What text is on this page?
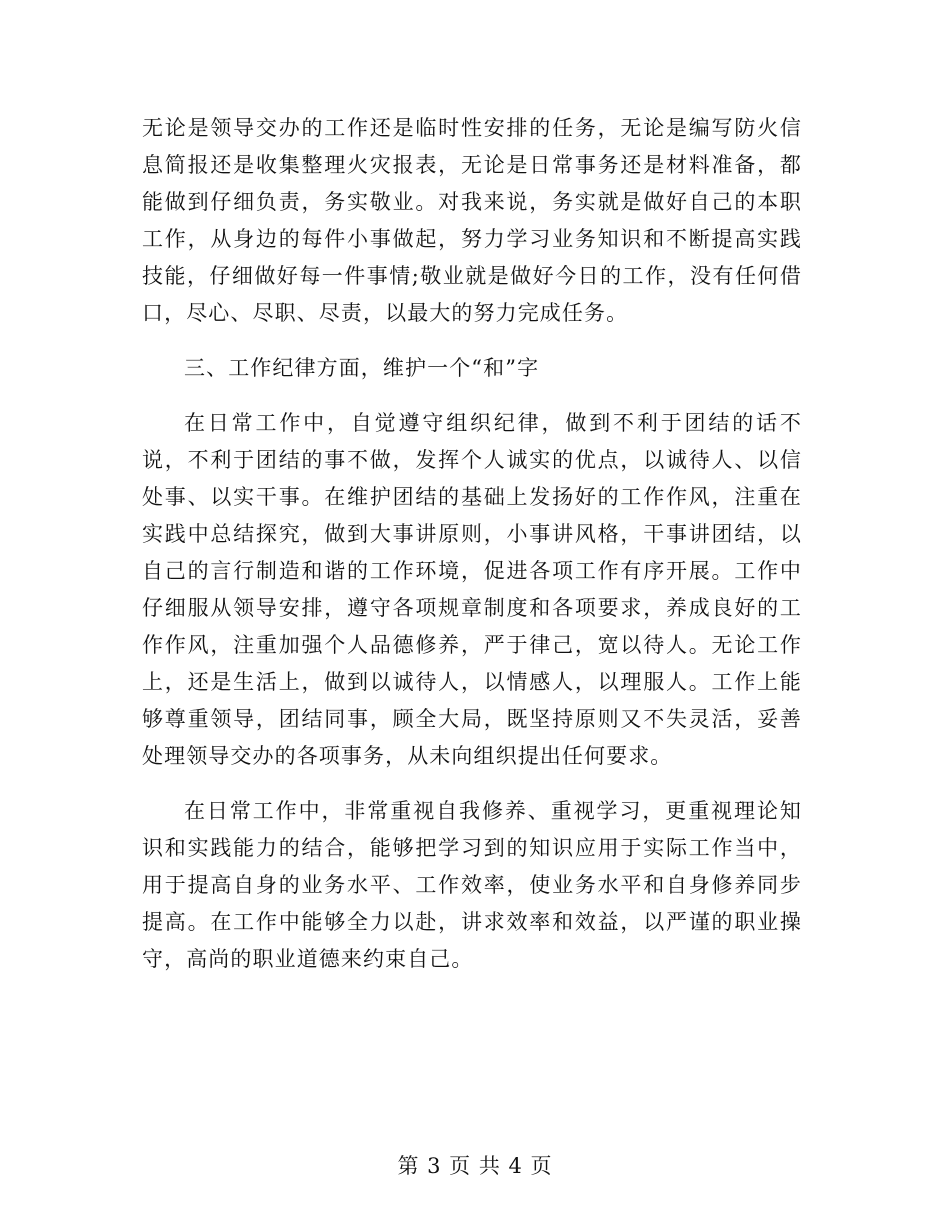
无论是领导交办的工作还是临时性安排的任务，无论是编写防火信息简报还是收集整理火灾报表，无论是日常事务还是材料准备，都能做到仔细负责，务实敬业。对我来说，务实就是做好自己的本职工作，从身边的每件小事做起，努力学习业务知识和不断提高实践技能，仔细做好每一件事情;敬业就是做好今日的工作，没有任何借口，尽心、尽职、尽责，以最大的努力完成任务。

三、工作纪律方面，维护一个“和”字

在日常工作中，自觉遵守组织纪律，做到不利于团结的话不说，不利于团结的事不做，发挥个人诚实的优点，以诚待人、以信处事、以实干事。在维护团结的基础上发扬好的工作作风，注重在实践中总结探究，做到大事讲原则，小事讲风格，干事讲团结，以自己的言行制造和谐的工作环境，促进各项工作有序开展。工作中仔细服从领导安排，遵守各项规章制度和各项要求，养成良好的工作作风，注重加强个人品德修养，严于律己，宽以待人。无论工作上，还是生活上，做到以诚待人，以情感人，以理服人。工作上能够尊重领导，团结同事，顾全大局，既坚持原则又不失灵活，妥善处理领导交办的各项事务，从未向组织提出任何要求。

在日常工作中，非常重视自我修养、重视学习，更重视理论知识和实践能力的结合，能够把学习到的知识应用于实际工作当中，用于提高自身的业务水平、工作效率，使业务水平和自身修养同步提高。在工作中能够全力以赴，讲求效率和效益，以严谨的职业操守，高尚的职业道德来约束自己。

第 3 页 共 4 页
